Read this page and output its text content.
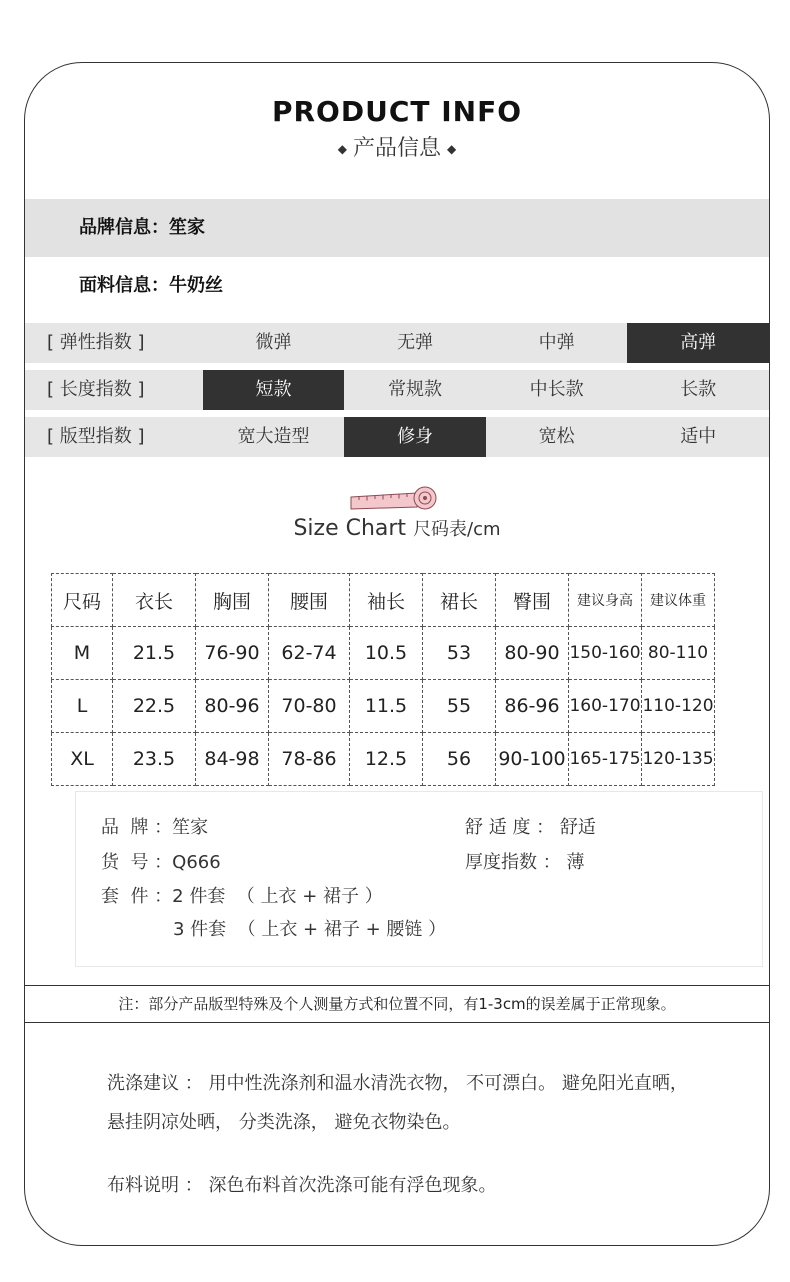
PRODUCT INFO
◆ 产品信息 ◆
品牌信息：笙家
面料信息：牛奶丝
[ 弹性指数 ]	微弹	无弹	中弹	高弹
[ 长度指数 ]	短款	常规款	中长款	长款
[ 版型指数 ]	宽大造型	修身	宽松	适中
Size Chart 尺码表/cm
尺码	衣长	胸围	腰围	袖长	裙长	臀围	建议身高	建议体重
M	21.5	76-90	62-74	10.5	53	80-90	150-160	80-110
L	22.5	80-96	70-80	11.5	55	86-96	160-170	110-120
XL	23.5	84-98	78-86	12.5	56	90-100	165-175	120-135
品  牌 ：笙家
货  号 ：Q666
套  件 ：2 件套  （ 上衣 + 裙子 ）
3 件套  （ 上衣 + 裙子 + 腰链 ）
舒 适 度 ： 舒适
厚度指数 ： 薄
注：部分产品版型特殊及个人测量方式和位置不同，有1-3cm的误差属于正常现象。
洗涤建议 ： 用中性洗涤剂和温水清洗衣物， 不可漂白。 避免阳光直晒，
悬挂阴凉处晒， 分类洗涤， 避免衣物染色。
布料说明 ： 深色布料首次洗涤可能有浮色现象。
